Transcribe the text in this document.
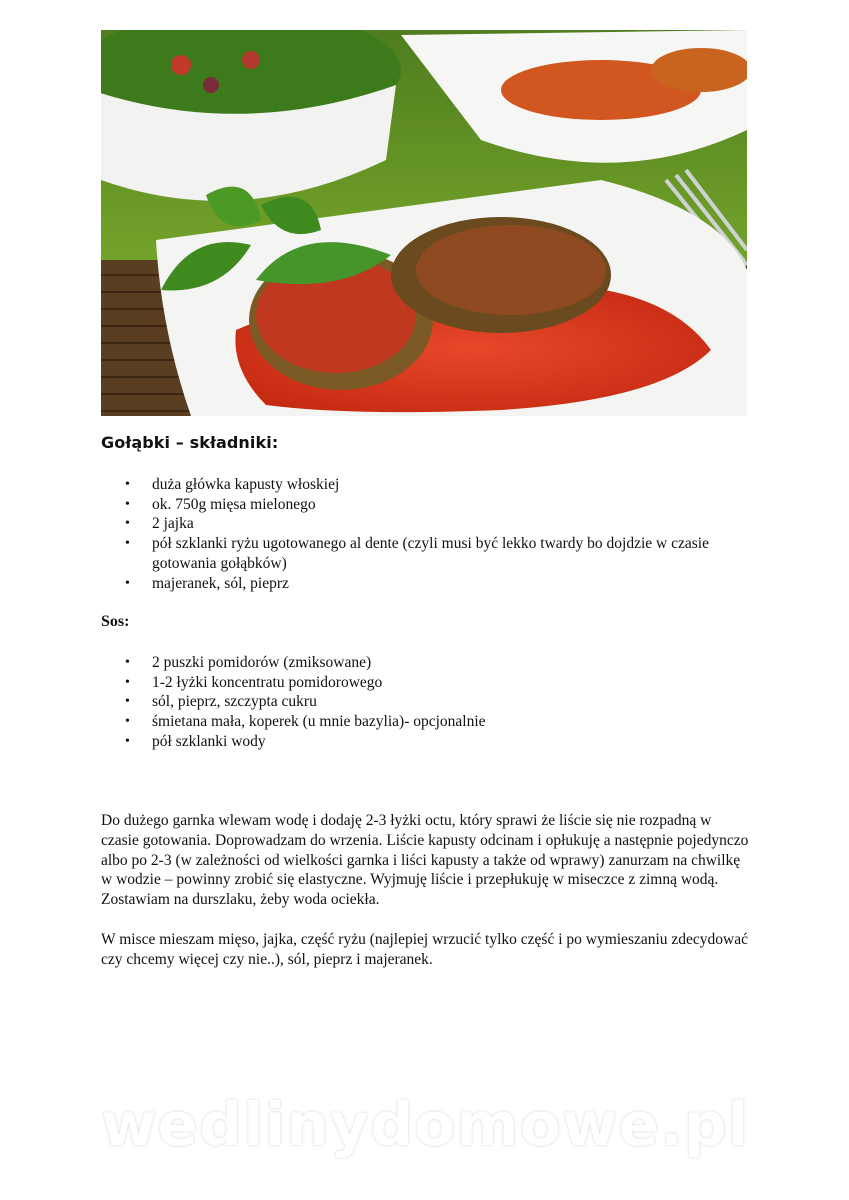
Gołąbki – składniki:
• duża główka kapusty włoskiej
• ok. 750g mięsa mielonego
• 2 jajka
• pół szklanki ryżu ugotowanego al dente (czyli musi być lekko twardy bo dojdzie w czasie gotowania gołąbków)
• majeranek, sól, pieprz
Sos:
• 2 puszki pomidorów (zmiksowane)
• 1-2 łyżki koncentratu pomidorowego
• sól, pieprz, szczypta cukru
• śmietana mała, koperek (u mnie bazylia)- opcjonalnie
• pół szklanki wody

Do dużego garnka wlewam wodę i dodaję 2-3 łyżki octu, który sprawi że liście się nie rozpadną w czasie gotowania. Doprowadzam do wrzenia. Liście kapusty odcinam i opłukuję a następnie pojedynczo albo po 2-3 (w zależności od wielkości garnka i liści kapusty a także od wprawy) zanurzam na chwilkę w wodzie – powinny zrobić się elastyczne. Wyjmuję liście i przepłukuję w miseczce z zimną wodą. Zostawiam na durszlaku, żeby woda ociekła.

W misce mieszam mięso, jajka, część ryżu (najlepiej wrzucić tylko część i po wymieszaniu zdecydować czy chcemy więcej czy nie..), sól, pieprz i majeranek.

wedlinydomowe.pl
